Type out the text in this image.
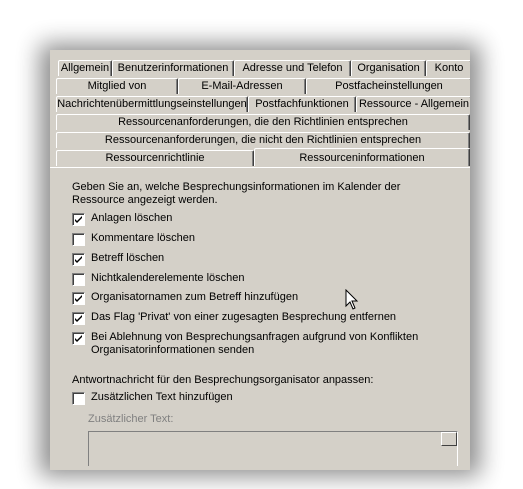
Allgemein Benutzerinformationen	Adresse und Telefon	Organisation	Konto
Mitglied von	E-Mail-Adressen	Postfacheinstellungen
Nachrichtenübermittlungseinstellungen Postfachfunktionen Ressource - Allgemein
Ressourcenanforderungen, die den Richtlinien entsprechen
Ressourcenanforderungen, die nicht den Richtlinien entsprechen
Ressourcenrichtlinie	Ressourceninformationen
Geben Sie an, welche Besprechungsinformationen im Kalender der Ressource angezeigt werden.
Anlagen löschen
Kommentare löschen
Betreff löschen
Nichtkalenderelemente löschen
Organisatornamen zum Betreff hinzufügen
Das Flag 'Privat' von einer zugesagten Besprechung entfernen
Bei Ablehnung von Besprechungsanfragen aufgrund von Konflikten Organisatorinformationen senden
Antwortnachricht für den Besprechungsorganisator anpassen:
Zusätzlichen Text hinzufügen
Zusätzlicher Text:
